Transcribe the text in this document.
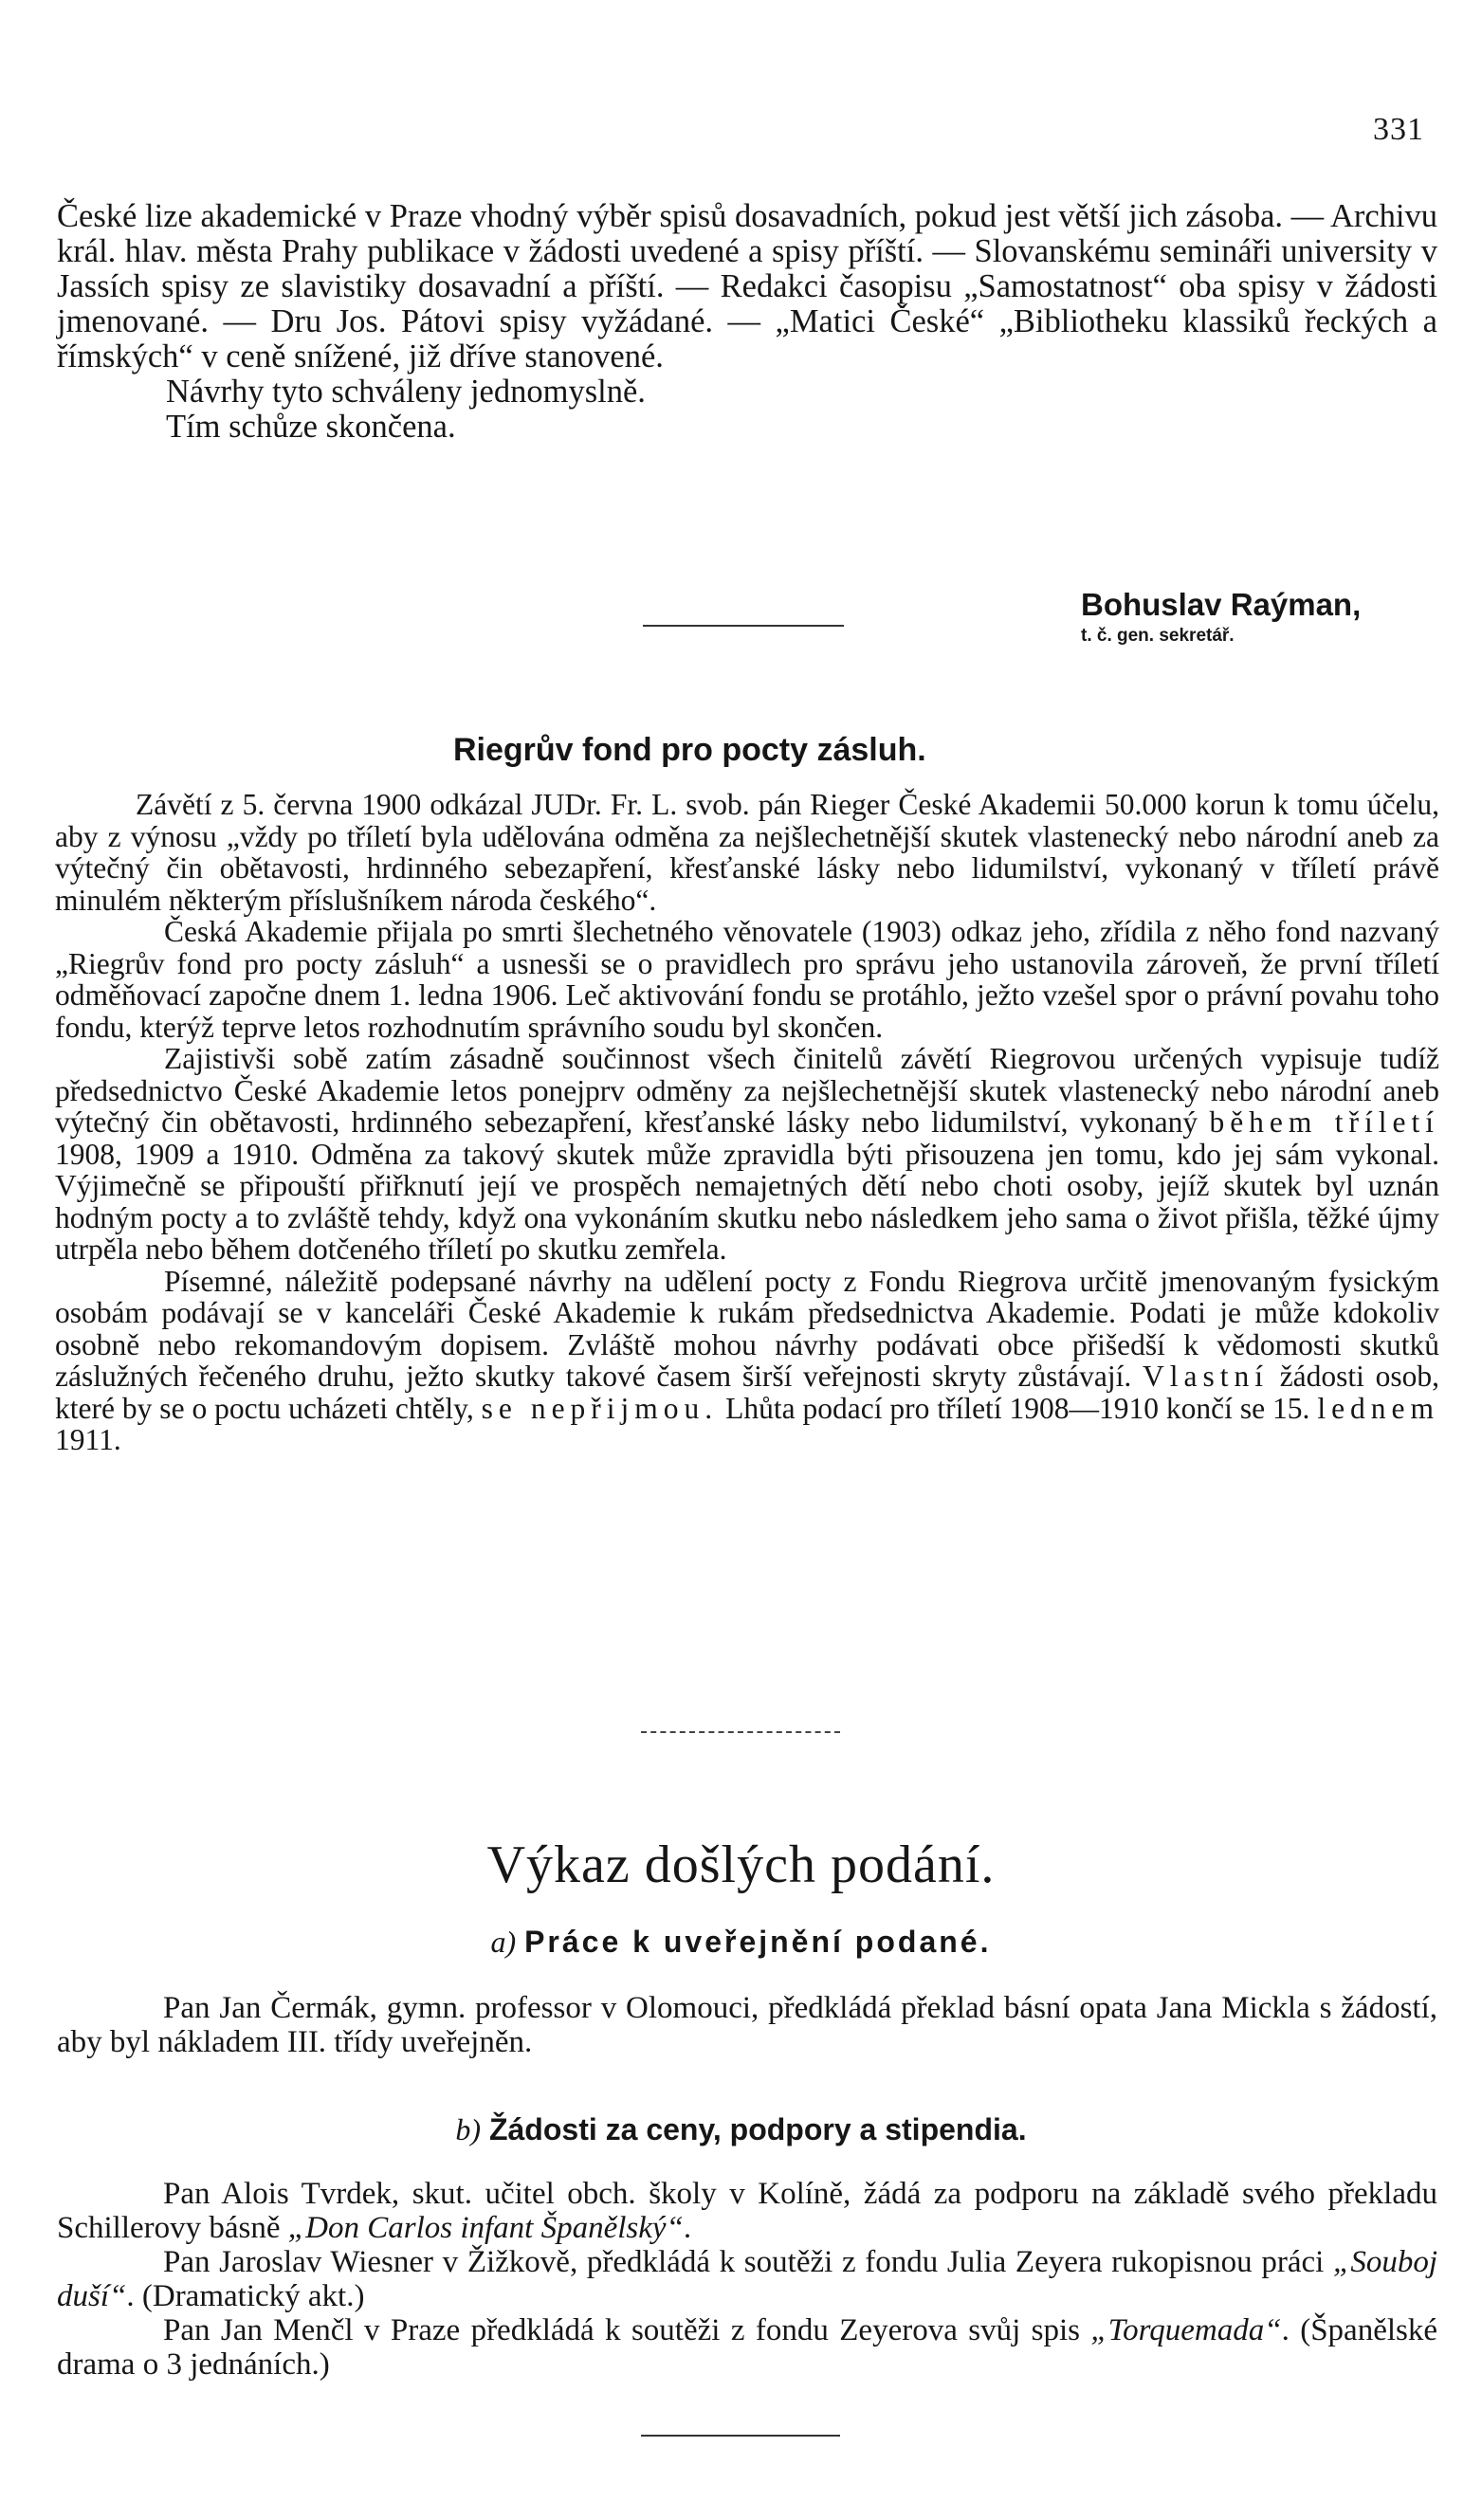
331

České lize akademické v Praze vhodný výběr spisů dosavadních, pokud jest větší jich zásoba. — Archivu král. hlav. města Prahy publikace v žádosti uvedené a spisy příští. — Slovanskému semináři university v Jassích spisy ze slavistiky dosavadní a příští. — Redakci časopisu „Samostatnost“ oba spisy v žádosti jmenované. — Dru Jos. Pátovi spisy vyžádané. — „Matici České“ „Bibliotheku klassiků řeckých a římských“ v ceně snížené, již dříve stanovené.

Návrhy tyto schváleny jednomyslně.

Tím schůze skončena.

Bohuslav Raýman,
t. č. gen. sekretář.
Riegrův fond pro pocty zásluh.

Závětí z 5. června 1900 odkázal JUDr. Fr. L. svob. pán Rieger České Akademii 50.000 korun k tomu účelu, aby z výnosu „vždy po tříletí byla udělována odměna za nejšlechetnější skutek vlastenecký nebo národní aneb za výtečný čin obětavosti, hrdinného sebezapření, křesťanské lásky nebo lidumilství, vykonaný v tříletí právě minulém některým příslušníkem národa českého“.

Česká Akademie přijala po smrti šlechetného věnovatele (1903) odkaz jeho, zřídila z něho fond nazvaný „Riegrův fond pro pocty zásluh“ a usnesši se o pravidlech pro správu jeho ustanovila zároveň, že první tříletí odměňovací započne dnem 1. ledna 1906. Leč aktivování fondu se protáhlo, ježto vzešel spor o právní povahu toho fondu, kterýž teprve letos rozhodnutím správního soudu byl skončen.

Zajistivši sobě zatím zásadně součinnost všech činitelů závětí Riegrovou určených vypisuje tudíž předsednictvo České Akademie letos ponejprv odměny za nejšlechetnější skutek vlastenecký nebo národní aneb výtečný čin obětavosti, hrdinného sebezapření, křesťanské lásky nebo lidumilství, vykonaný během tříletí 1908, 1909 a 1910. Odměna za takový skutek může zpravidla býti přisouzena jen tomu, kdo jej sám vykonal. Výjimečně se připouští přiřknutí její ve prospěch nemajetných dětí nebo choti osoby, jejíž skutek byl uznán hodným pocty a to zvláště tehdy, když ona vykonáním skutku nebo následkem jeho sama o život přišla, těžké újmy utrpěla nebo během dotčeného tříletí po skutku zemřela.

Písemné, náležitě podepsané návrhy na udělení pocty z Fondu Riegrova určitě jmenovaným fysickým osobám podávají se v kanceláři České Akademie k rukám předsednictva Akademie. Podati je může kdokoliv osobně nebo rekomandovým dopisem. Zvláště mohou návrhy podávati obce přišedší k vědomosti skutků záslužných řečeného druhu, ježto skutky takové časem širší veřejnosti skryty zůstávají. Vlastní žádosti osob, které by se o poctu ucházeti chtěly, se nepřijmou. Lhůta podací pro tříletí 1908—1910 končí se 15. lednem 1911.

Výkaz došlých podání.
a) Práce k uveřejnění podané.

Pan Jan Čermák, gymn. professor v Olomouci, předkládá překlad básní opata Jana Mickla s žádostí, aby byl nákladem III. třídy uveřejněn.

b) Žádosti za ceny, podpory a stipendia.

Pan Alois Tvrdek, skut. učitel obch. školy v Kolíně, žádá za podporu na základě svého překladu Schillerovy básně „Don Carlos infant Španělský“.

Pan Jaroslav Wiesner v Žižkově, předkládá k soutěži z fondu Julia Zeyera rukopisnou práci „Souboj duší“. (Dramatický akt.)

Pan Jan Menčl v Praze předkládá k soutěži z fondu Zeyerova svůj spis „Torquemada“. (Španělské drama o 3 jednáních.)
